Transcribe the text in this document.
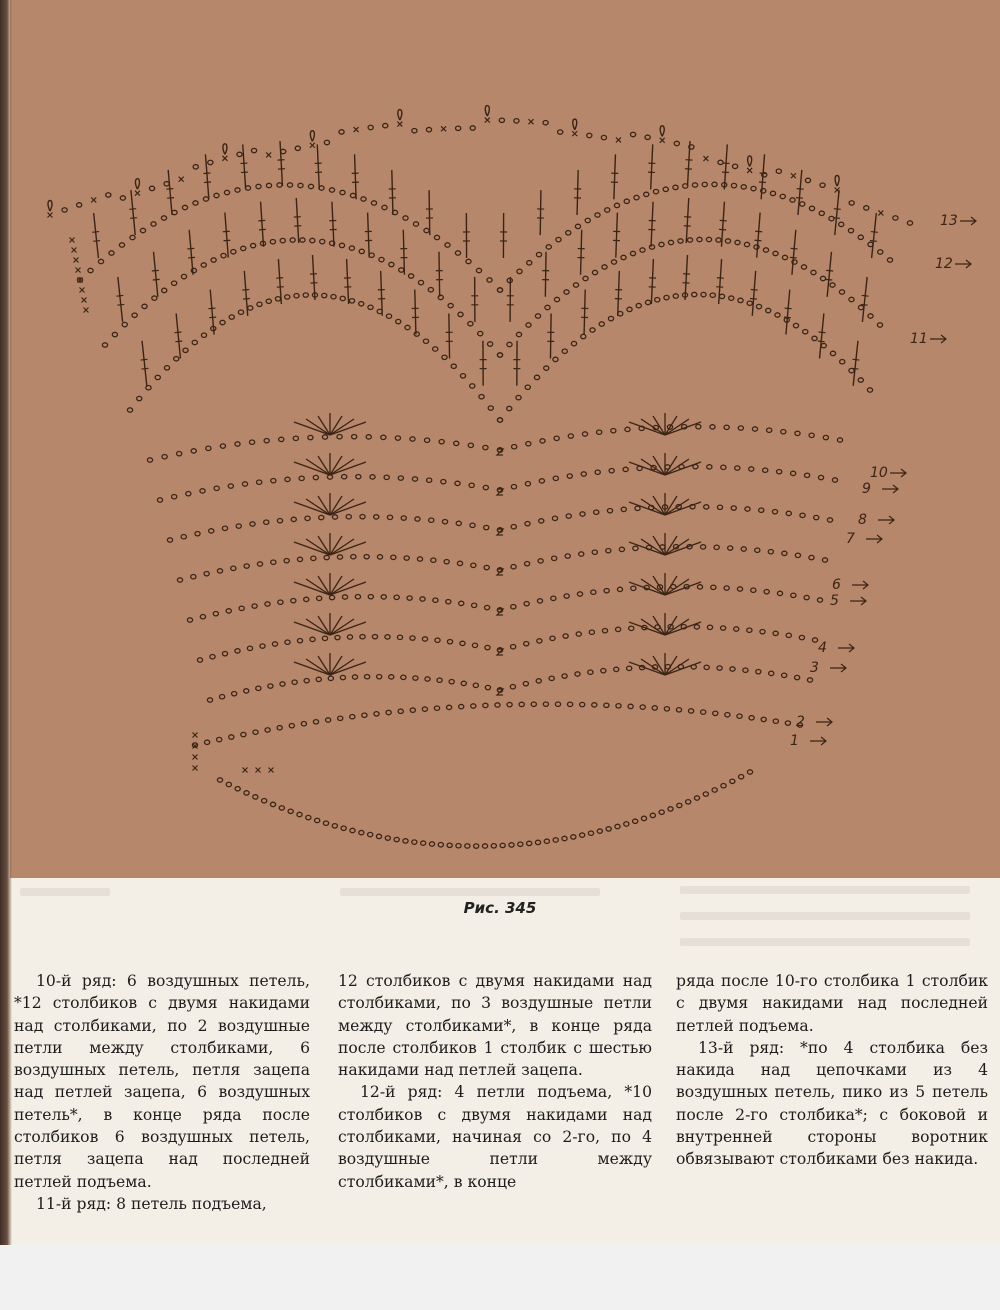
13
12
11
10
9
8
7
6
5
4
3
2
1
Рис. 345

10-й ряд: 6 воздушных петель, *12 столбиков с двумя накидами над столбиками, по 2 воздушные петли между столбиками, 6 воздушных петель, петля зацепа над петлей зацепа, 6 воздушных петель*, в конце ряда после столбиков 6 воздушных петель, петля зацепа над последней петлей подъема.

11-й ряд: 8 петель подъема,

12 столбиков с двумя накидами над столбиками, по 3 воздушные петли между столбиками*, в конце ряда после столбиков 1 столбик с шестью накидами над петлей зацепа.

12-й ряд: 4 петли подъема, *10 столбиков с двумя накидами над столбиками, начиная со 2-го, по 4 воздушные петли между столбиками*, в конце

ряда после 10-го столбика 1 столбик с двумя накидами над последней петлей подъема.

13-й ряд: *по 4 столбика без накида над цепочками из 4 воздушных петель, пико из 5 петель после 2-го столбика*; с боковой и внутренней стороны воротник обвязывают столбиками без накида.
